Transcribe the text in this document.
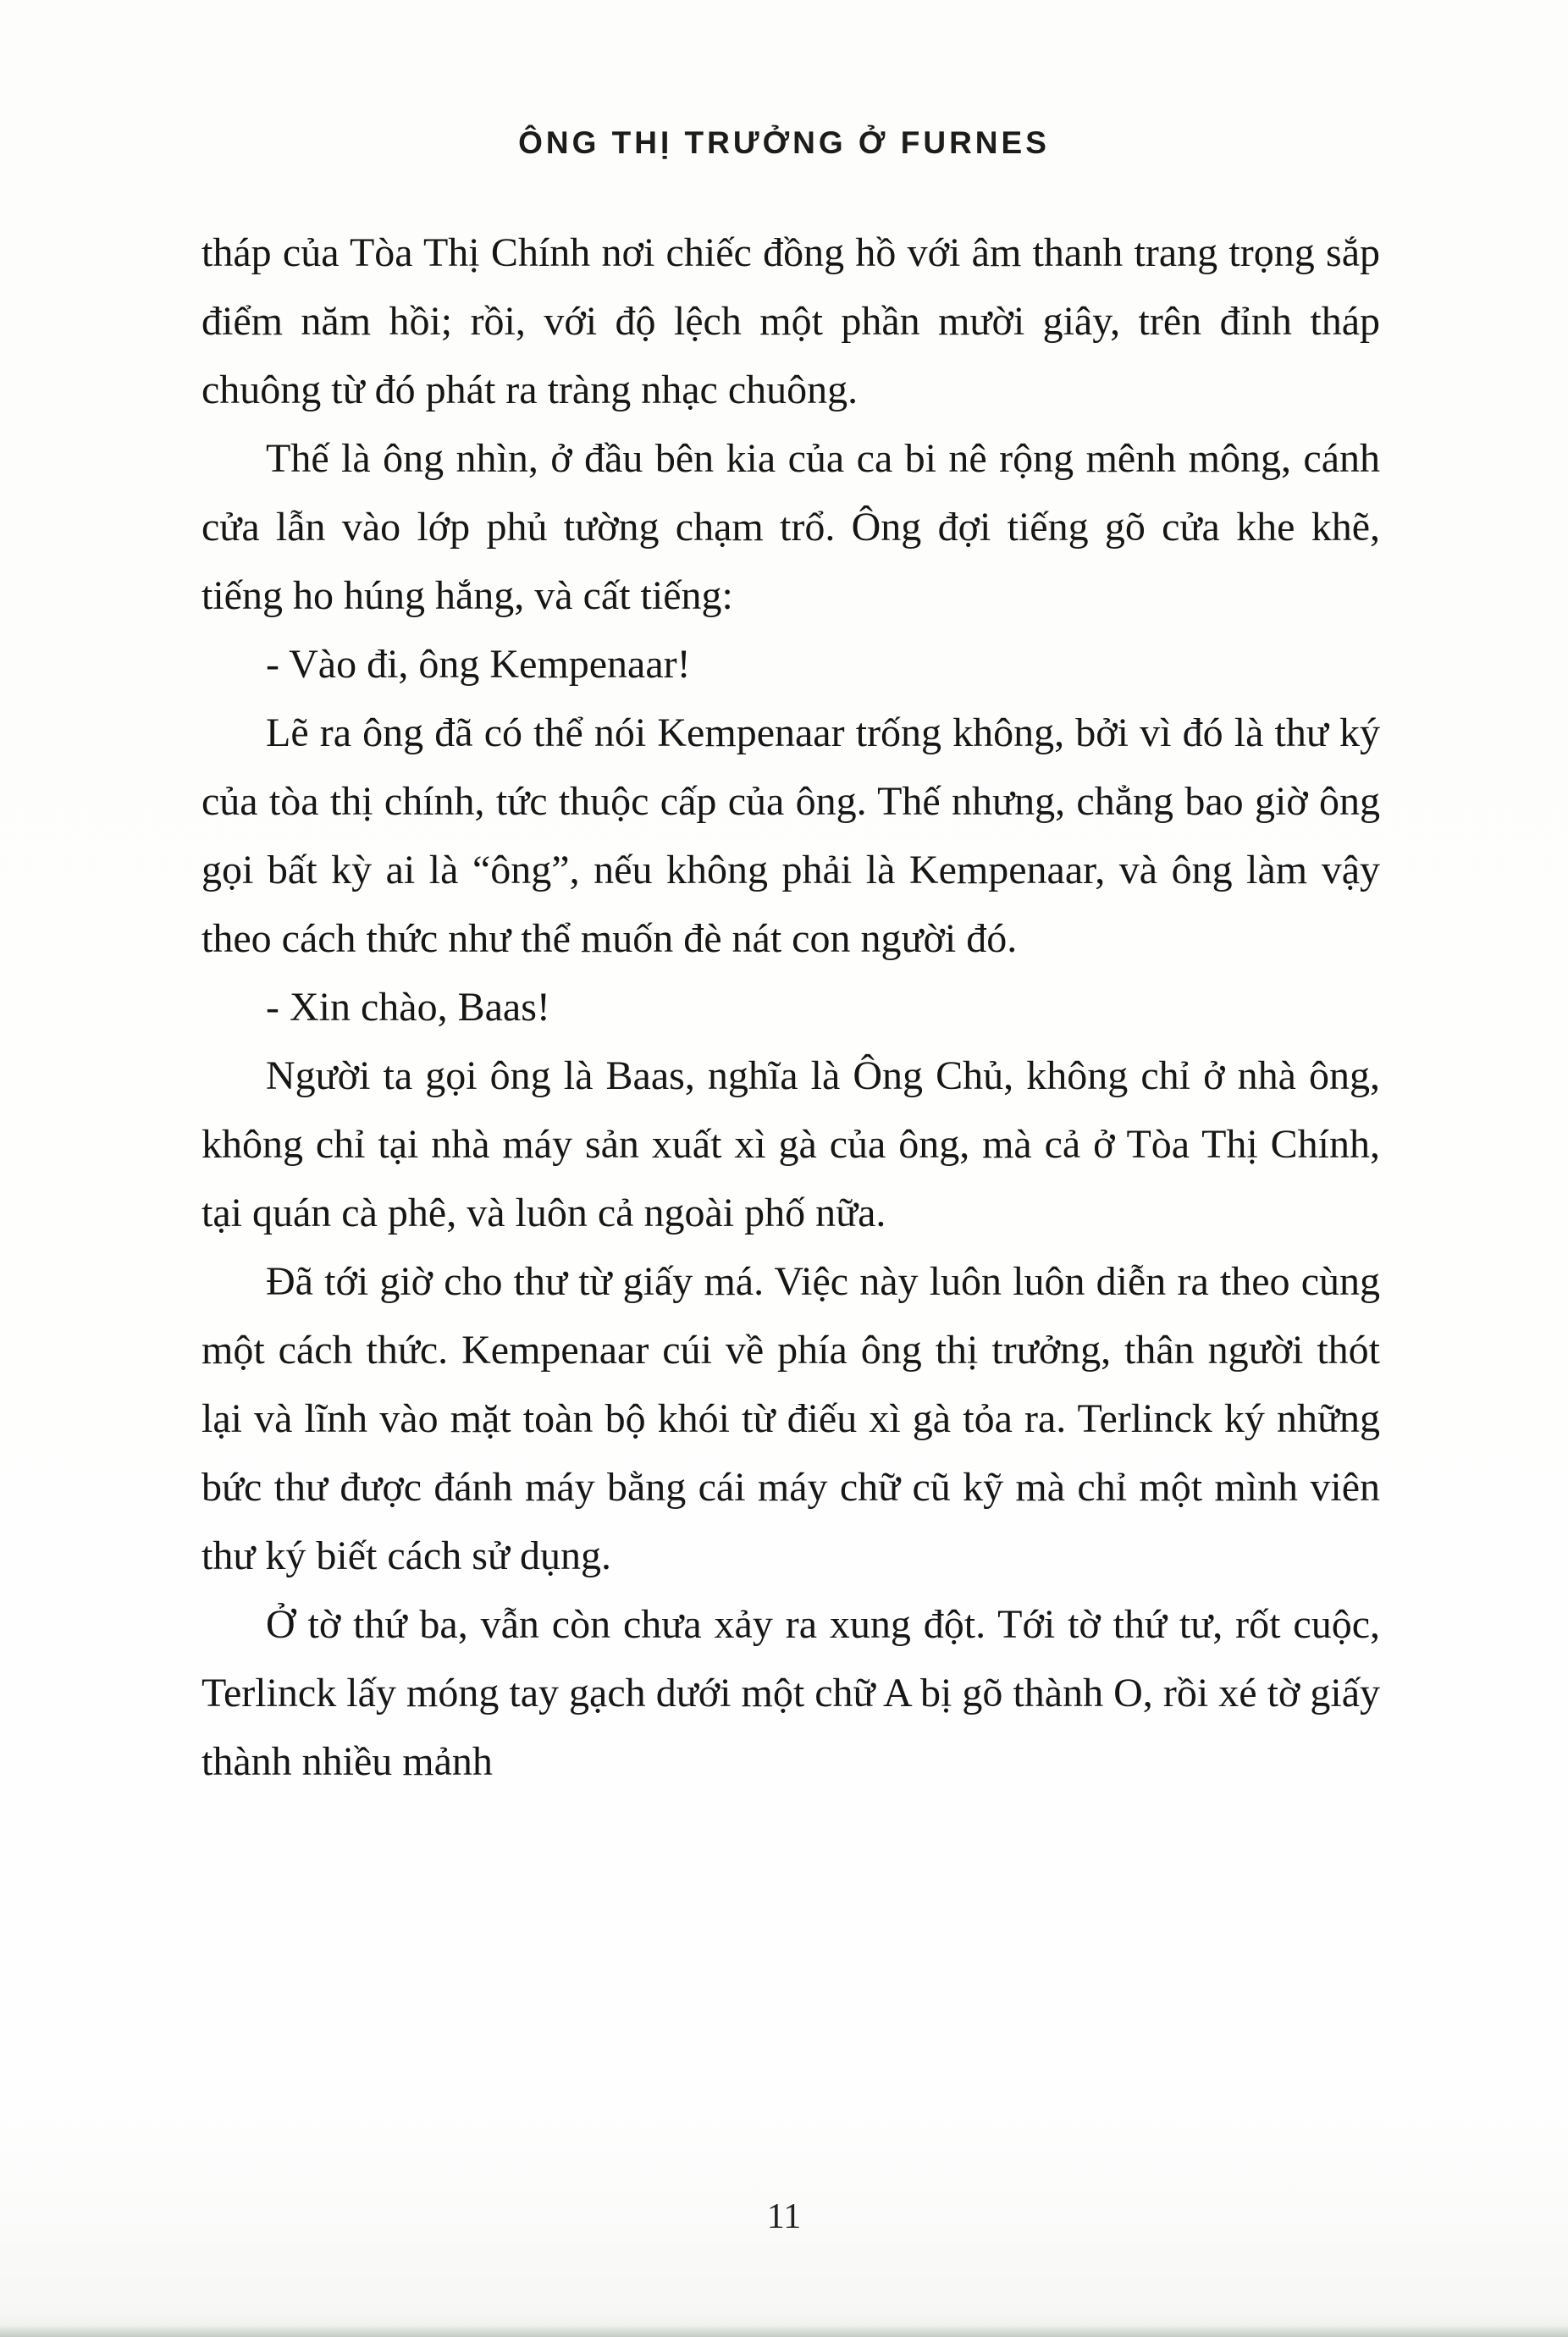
ÔNG THỊ TRƯỞNG Ở FURNES

tháp của Tòa Thị Chính nơi chiếc đồng hồ với âm thanh trang trọng sắp điểm năm hồi; rồi, với độ lệch một phần mười giây, trên đỉnh tháp chuông từ đó phát ra tràng nhạc chuông.

Thế là ông nhìn, ở đầu bên kia của ca bi nê rộng mênh mông, cánh cửa lẫn vào lớp phủ tường chạm trổ. Ông đợi tiếng gõ cửa khe khẽ, tiếng ho húng hắng, và cất tiếng:

- Vào đi, ông Kempenaar!

Lẽ ra ông đã có thể nói Kempenaar trống không, bởi vì đó là thư ký của tòa thị chính, tức thuộc cấp của ông. Thế nhưng, chẳng bao giờ ông gọi bất kỳ ai là “ông”, nếu không phải là Kempenaar, và ông làm vậy theo cách thức như thể muốn đè nát con người đó.

- Xin chào, Baas!

Người ta gọi ông là Baas, nghĩa là Ông Chủ, không chỉ ở nhà ông, không chỉ tại nhà máy sản xuất xì gà của ông, mà cả ở Tòa Thị Chính, tại quán cà phê, và luôn cả ngoài phố nữa.

Đã tới giờ cho thư từ giấy má. Việc này luôn luôn diễn ra theo cùng một cách thức. Kempenaar cúi về phía ông thị trưởng, thân người thót lại và lĩnh vào mặt toàn bộ khói từ điếu xì gà tỏa ra. Terlinck ký những bức thư được đánh máy bằng cái máy chữ cũ kỹ mà chỉ một mình viên thư ký biết cách sử dụng.

Ở tờ thứ ba, vẫn còn chưa xảy ra xung đột. Tới tờ thứ tư, rốt cuộc, Terlinck lấy móng tay gạch dưới một chữ A bị gõ thành O, rồi xé tờ giấy thành nhiều mảnh

11
